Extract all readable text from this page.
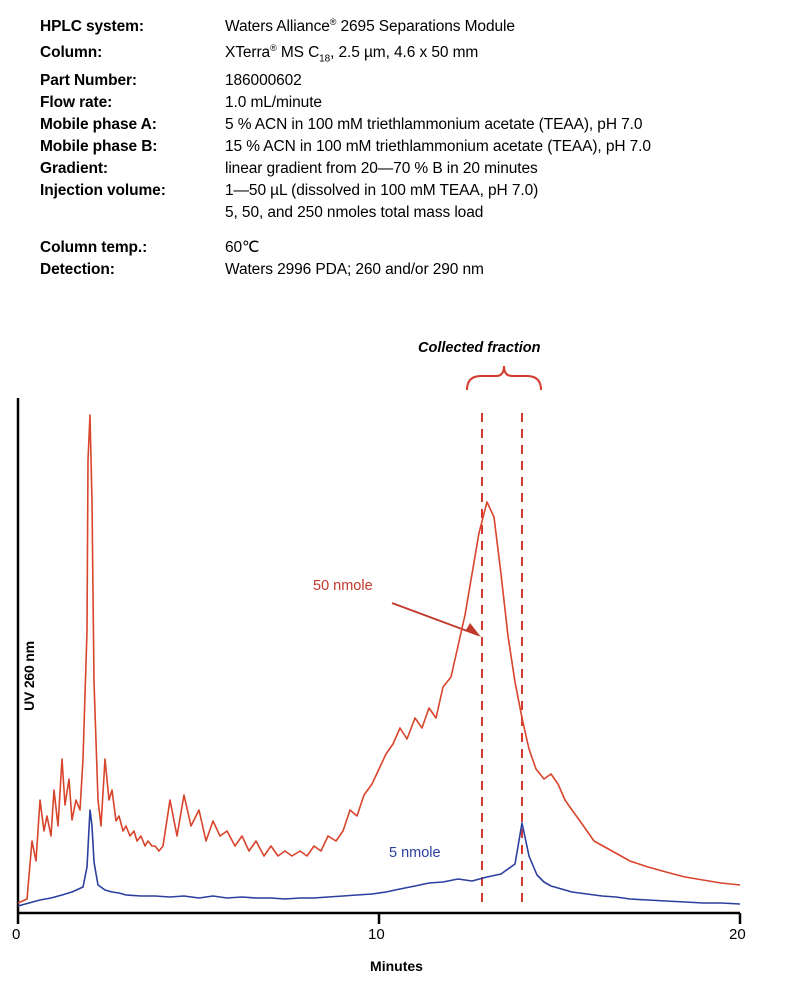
HPLC system:	Waters Alliance® 2695 Separations Module
Column:	XTerra® MS $C_{18}$, 2.5 µm, 4.6 x 50 mm
Part Number:	186000602
Flow rate:	1.0 mL/minute
Mobile phase A:	5 % ACN in 100 mM triethlammonium acetate (TEAA), pH 7.0
Mobile phase B:	15 % ACN in 100 mM triethlammonium acetate (TEAA), pH 7.0
Gradient:	linear gradient from 20—70 % B in 20 minutes
Injection volume:	1—50 µL (dissolved in 100 mM TEAA, pH 7.0)
5, 50, and 250 nmoles total mass load
Column temp.:	60℃
Detection:	Waters 2996 PDA; 260 and/or 290 nm
UV 260 nm
Minutes
0	10	20
Collected fraction
50 nmole
5 nmole
